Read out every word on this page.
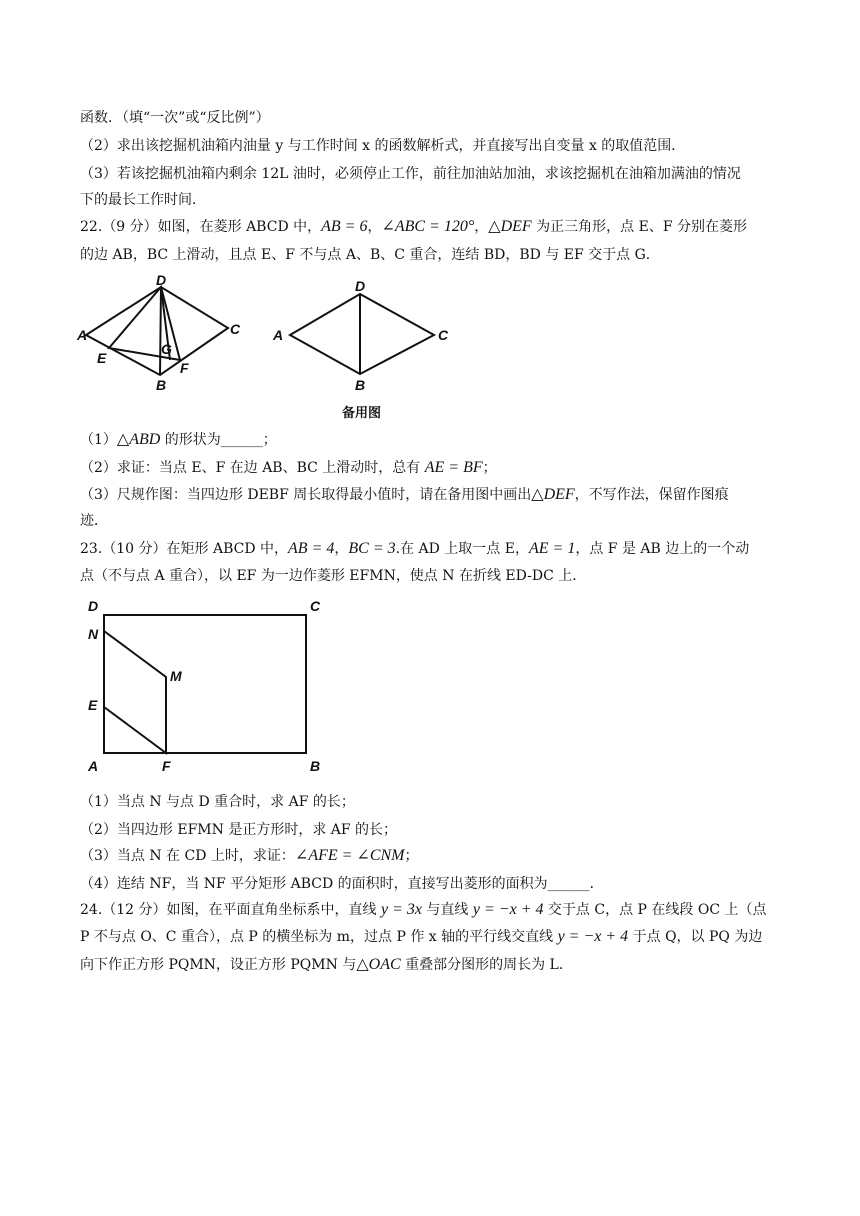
函数．（填“一次”或“反比例”）
（2）求出该挖掘机油箱内油量 y 与工作时间 x 的函数解析式，并直接写出自变量 x 的取值范围．
（3）若该挖掘机油箱内剩余 12L 油时，必须停止工作，前往加油站加油，求该挖掘机在油箱加满油的情况
下的最长工作时间．
22.（9 分）如图，在菱形 ABCD 中，AB = 6，∠ABC = 120°，△DEF 为正三角形，点 E、F 分别在菱形
的边 AB，BC 上滑动，且点 E、F 不与点 A、B、C 重合，连结 BD，BD 与 EF 交于点 G．
A
B
C
D
E
F
G
A
B
C
D
备用图
（1）△ABD 的形状为______；
（2）求证：当点 E、F 在边 AB、BC 上滑动时，总有 AE = BF；
（3）尺规作图：当四边形 DEBF 周长取得最小值时，请在备用图中画出△DEF，不写作法，保留作图痕
迹．
23.（10 分）在矩形 ABCD 中，AB = 4，BC = 3.在 AD 上取一点 E，AE = 1，点 F 是 AB 边上的一个动
点（不与点 A 重合），以 EF 为一边作菱形 EFMN，使点 N 在折线 ED-DC 上．
D	C
N
M
E
A	F	B
（1）当点 N 与点 D 重合时，求 AF 的长；
（2）当四边形 EFMN 是正方形时，求 AF 的长；
（3）当点 N 在 CD 上时，求证：∠AFE = ∠CNM；
（4）连结 NF，当 NF 平分矩形 ABCD 的面积时，直接写出菱形的面积为______．
24.（12 分）如图，在平面直角坐标系中，直线 y = 3x 与直线 y = −x + 4 交于点 C，点 P 在线段 OC 上（点
P 不与点 O、C 重合），点 P 的横坐标为 m，过点 P 作 x 轴的平行线交直线 y = −x + 4 于点 Q，以 PQ 为边
向下作正方形 PQMN，设正方形 PQMN 与△OAC 重叠部分图形的周长为 L．
